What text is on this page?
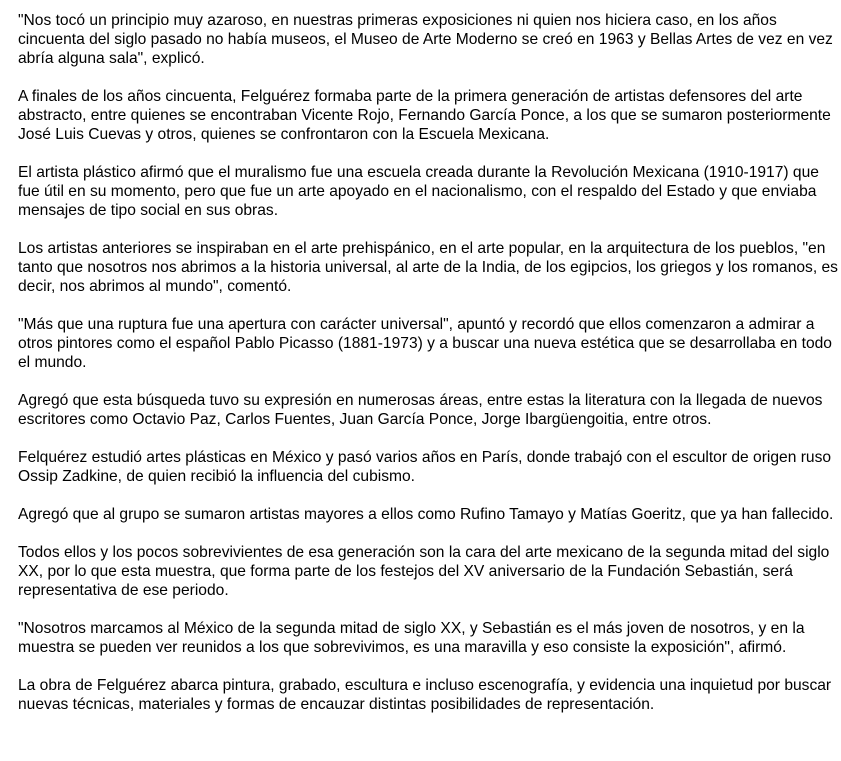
"Nos tocó un principio muy azaroso, en nuestras primeras exposiciones ni quien nos hiciera caso, en los años cincuenta del siglo pasado no había museos, el Museo de Arte Moderno se creó en 1963 y Bellas Artes de vez en vez abría alguna sala", explicó.

A finales de los años cincuenta, Felguérez formaba parte de la primera generación de artistas defensores del arte abstracto, entre quienes se encontraban Vicente Rojo, Fernando García Ponce, a los que se sumaron posteriormente José Luis Cuevas y otros, quienes se confrontaron con la Escuela Mexicana.

El artista plástico afirmó que el muralismo fue una escuela creada durante la Revolución Mexicana (1910-1917) que fue útil en su momento, pero que fue un arte apoyado en el nacionalismo, con el respaldo del Estado y que enviaba mensajes de tipo social en sus obras.

Los artistas anteriores se inspiraban en el arte prehispánico, en el arte popular, en la arquitectura de los pueblos, "en tanto que nosotros nos abrimos a la historia universal, al arte de la India, de los egipcios, los griegos y los romanos, es decir, nos abrimos al mundo", comentó.

"Más que una ruptura fue una apertura con carácter universal", apuntó y recordó que ellos comenzaron a admirar a otros pintores como el español Pablo Picasso (1881-1973) y a buscar una nueva estética que se desarrollaba en todo el mundo.

Agregó que esta búsqueda tuvo su expresión en numerosas áreas, entre estas la literatura con la llegada de nuevos escritores como Octavio Paz, Carlos Fuentes, Juan García Ponce, Jorge Ibargüengoitia, entre otros.

Felquérez estudió artes plásticas en México y pasó varios años en París, donde trabajó con el escultor de origen ruso Ossip Zadkine, de quien recibió la influencia del cubismo.

Agregó que al grupo se sumaron artistas mayores a ellos como Rufino Tamayo y Matías Goeritz, que ya han fallecido.

Todos ellos y los pocos sobrevivientes de esa generación son la cara del arte mexicano de la segunda mitad del siglo XX, por lo que esta muestra, que forma parte de los festejos del XV aniversario de la Fundación Sebastián, será representativa de ese periodo.

"Nosotros marcamos al México de la segunda mitad de siglo XX, y Sebastián es el más joven de nosotros, y en la muestra se pueden ver reunidos a los que sobrevivimos, es una maravilla y eso consiste la exposición", afirmó.

La obra de Felguérez abarca pintura, grabado, escultura e incluso escenografía, y evidencia una inquietud por buscar nuevas técnicas, materiales y formas de encauzar distintas posibilidades de representación.
